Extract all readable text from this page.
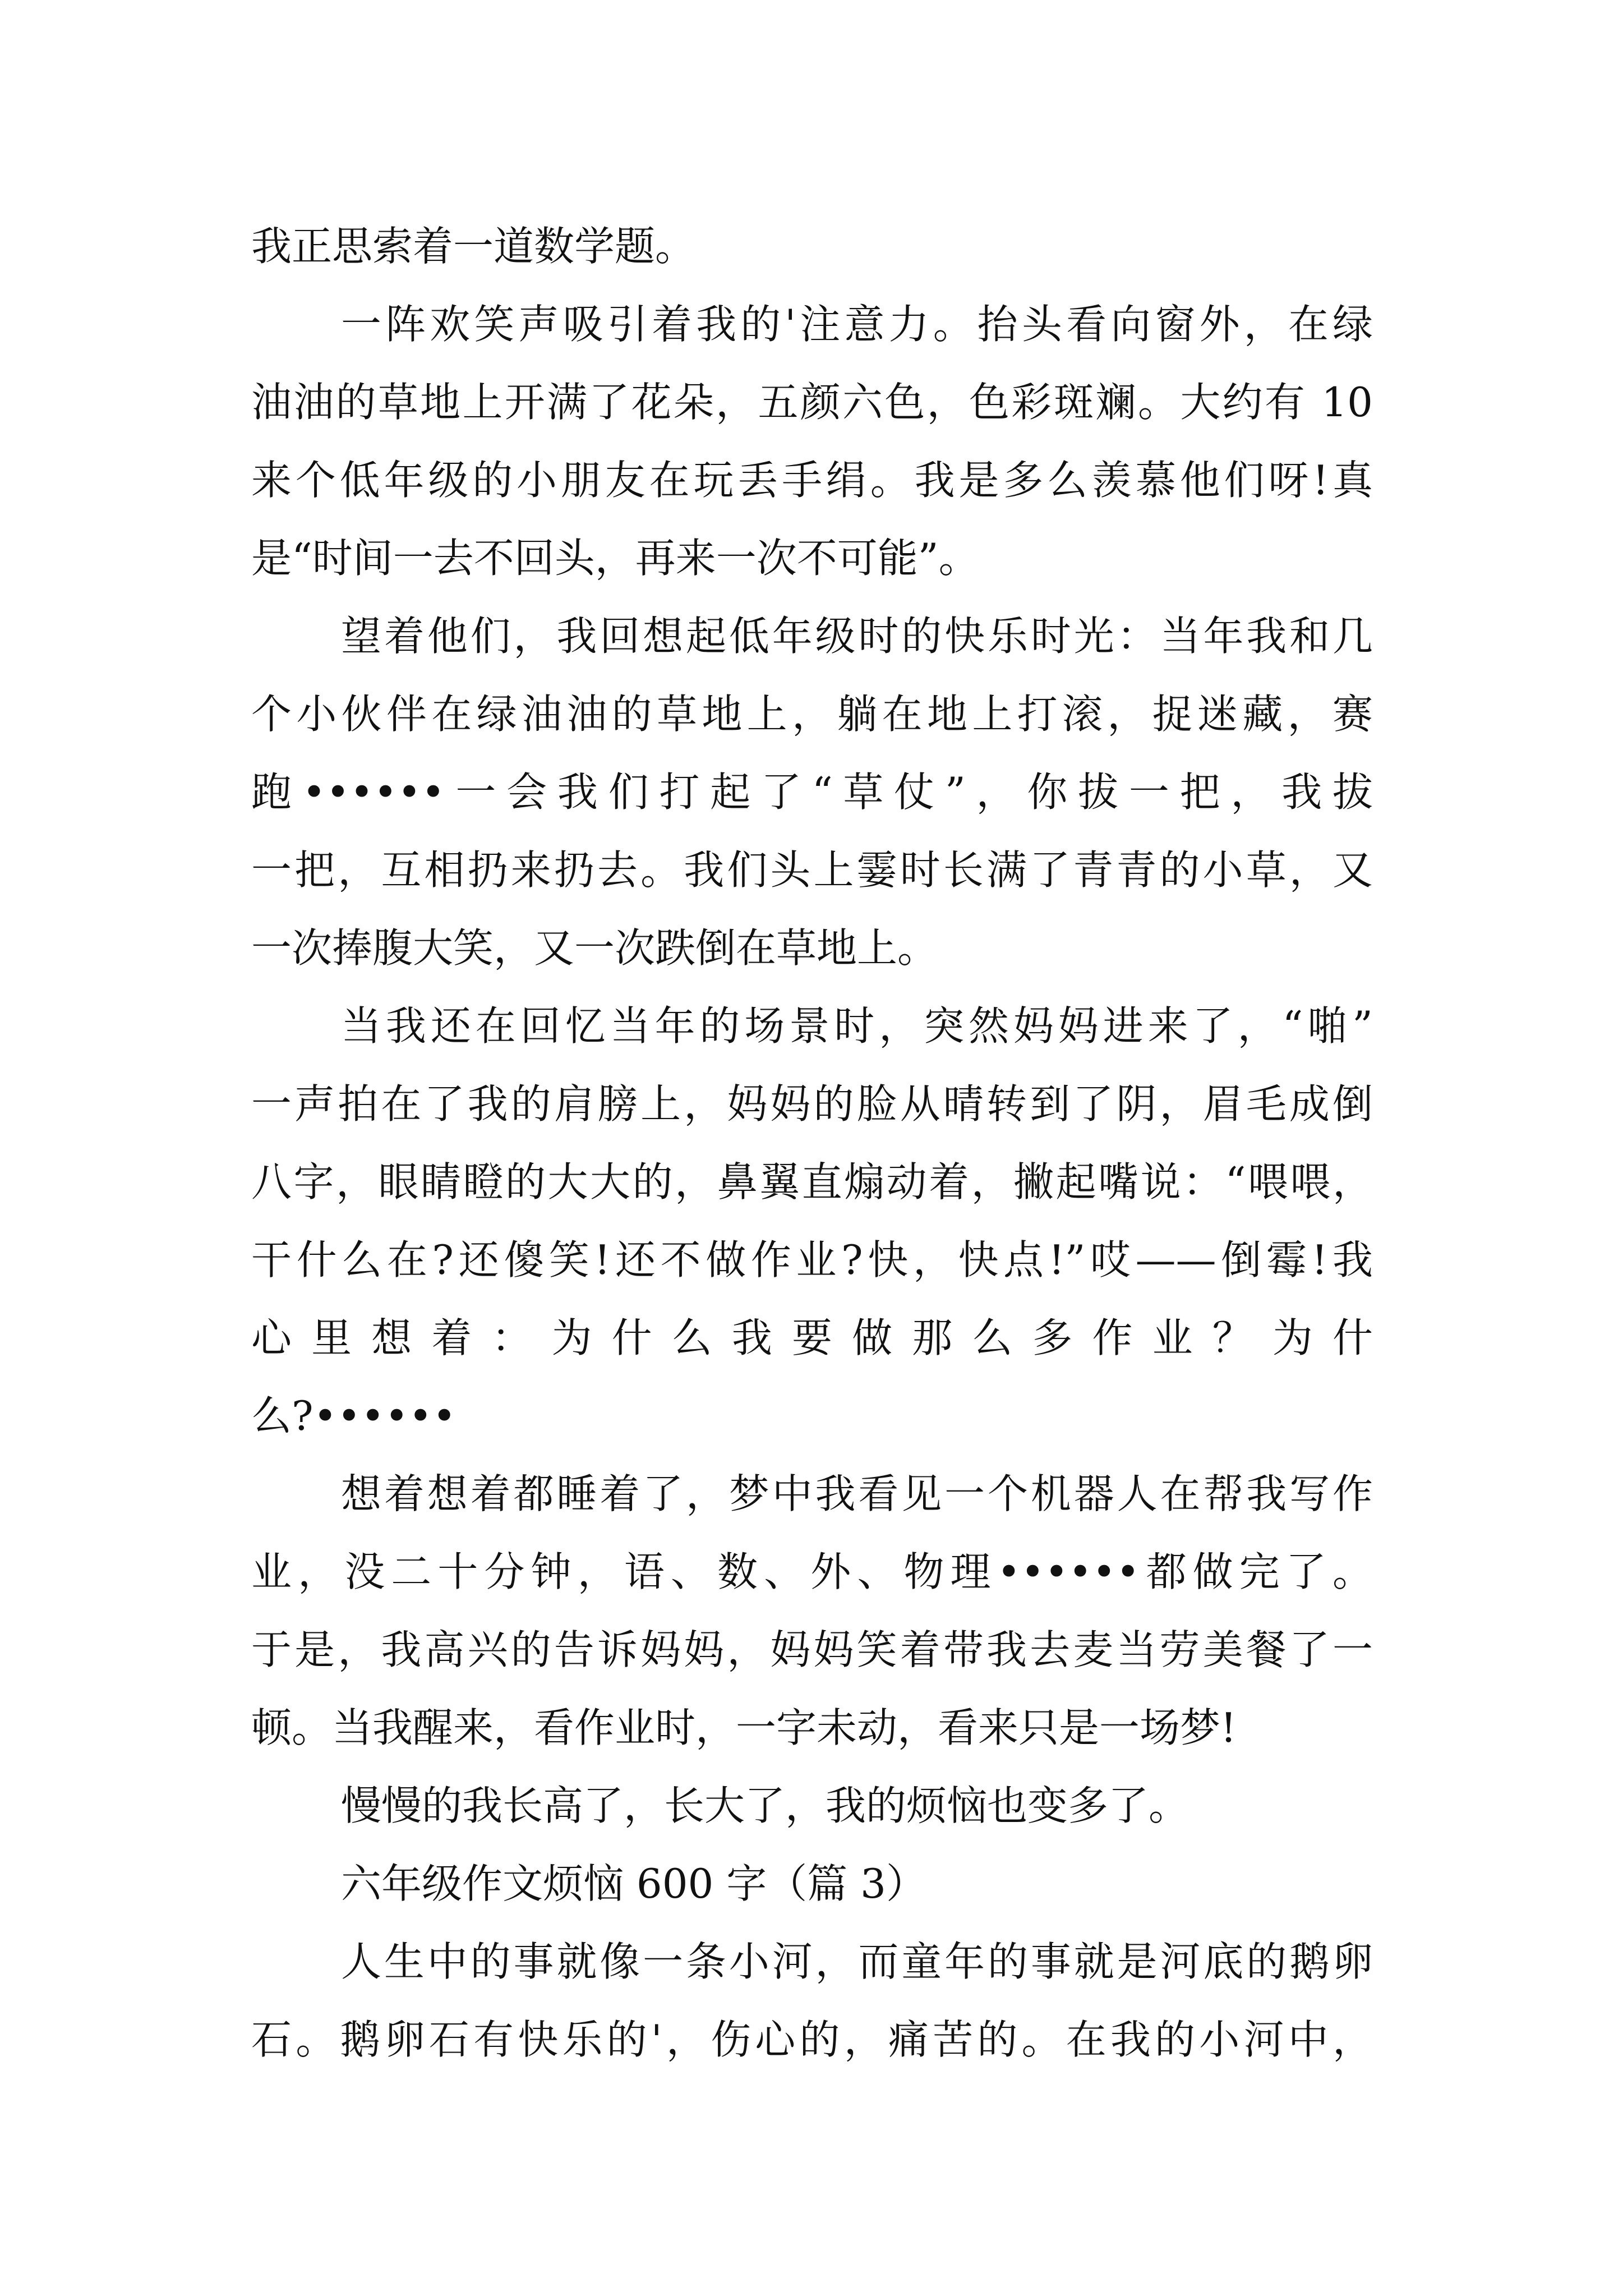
我正思索着一道数学题。
一阵欢笑声吸引着我的'注意力。抬头看向窗外，在绿
油油的草地上开满了花朵，五颜六色，色彩斑斓。大约有 10
来个低年级的小朋友在玩丢手绢。我是多么羡慕他们呀!真
是“时间一去不回头，再来一次不可能”。
望着他们，我回想起低年级时的快乐时光：当年我和几
个小伙伴在绿油油的草地上，躺在地上打滚，捉迷藏，赛
跑••••••一会我们打起了“草仗”，你拔一把，我拔
一把，互相扔来扔去。我们头上霎时长满了青青的小草，又
一次捧腹大笑，又一次跌倒在草地上。
当我还在回忆当年的场景时，突然妈妈进来了，“啪”
一声拍在了我的肩膀上，妈妈的脸从晴转到了阴，眉毛成倒
八字，眼睛瞪的大大的，鼻翼直煽动着，撇起嘴说：“喂喂，
干什么在?还傻笑!还不做作业?快，快点!”哎——倒霉!我
心里想着：为什么我要做那么多作业？为什
么?••••••
想着想着都睡着了，梦中我看见一个机器人在帮我写作
业，没二十分钟，语、数、外、物理••••••都做完了。
于是，我高兴的告诉妈妈，妈妈笑着带我去麦当劳美餐了一
顿。当我醒来，看作业时，一字未动，看来只是一场梦!
慢慢的我长高了，长大了，我的烦恼也变多了。
六年级作文烦恼 600 字（篇 3）
人生中的事就像一条小河，而童年的事就是河底的鹅卵
石。鹅卵石有快乐的'，伤心的，痛苦的。在我的小河中，
